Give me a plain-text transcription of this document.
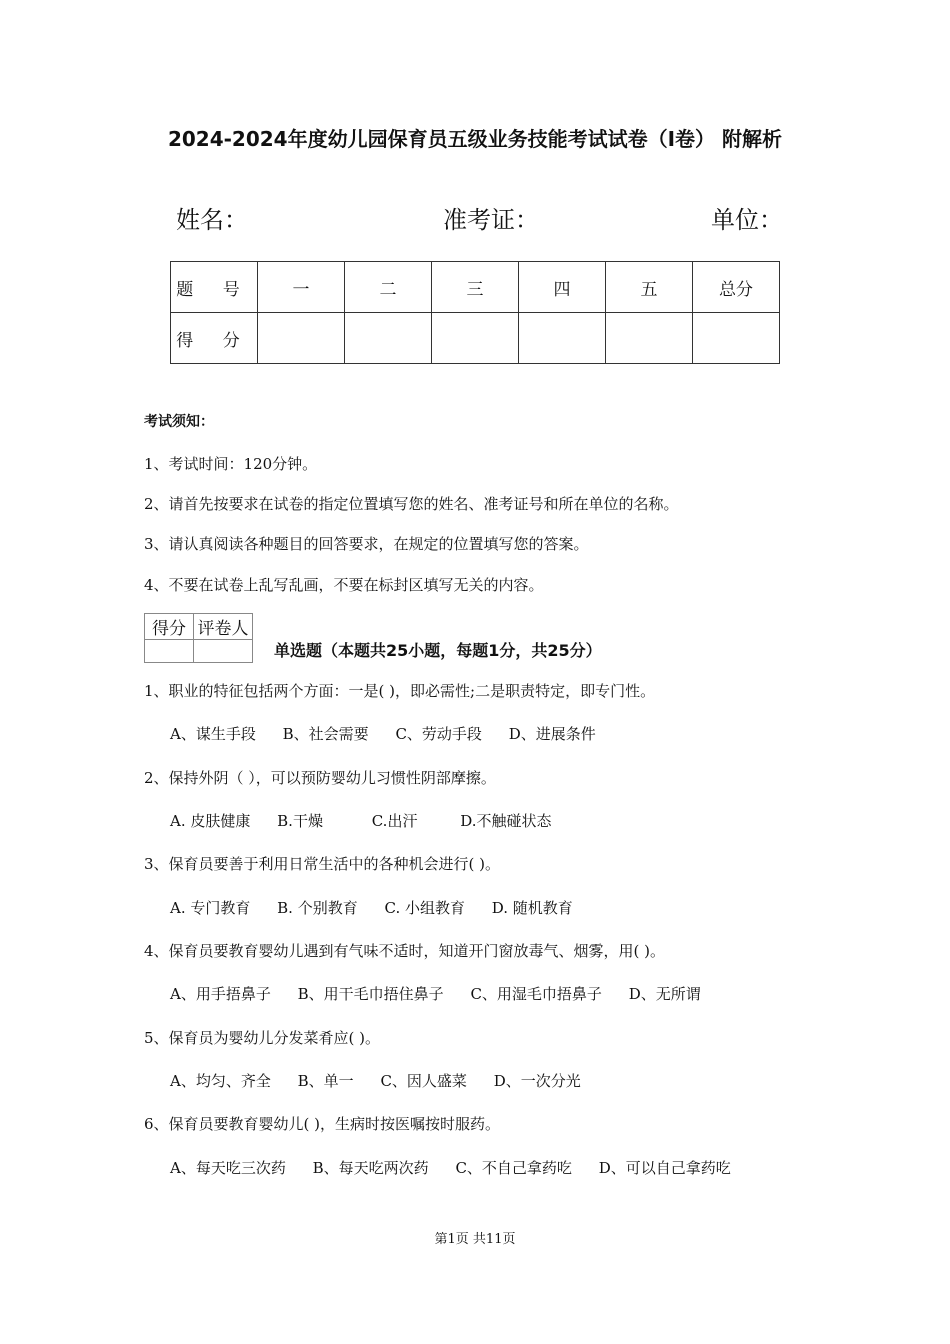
2024-2024年度幼儿园保育员五级业务技能考试试卷（I卷） 附解析
姓名：	准考证：	单位：
题 号	一	二	三	四	五	总分
得 分						
考试须知：
1、考试时间：120分钟。
2、请首先按要求在试卷的指定位置填写您的姓名、准考证号和所在单位的名称。
3、请认真阅读各种题目的回答要求，在规定的位置填写您的答案。
4、不要在试卷上乱写乱画，不要在标封区填写无关的内容。
得分	评卷人

单选题（本题共25小题，每题1分，共25分）
1、职业的特征包括两个方面：一是( )，即必需性;二是职责特定，即专门性。
A、谋生手段 B、社会需要 C、劳动手段 D、进展条件
2、保持外阴（ ），可以预防婴幼儿习惯性阴部摩擦。
A. 皮肤健康 B.干燥	C.出汗	D.不触碰状态
3、保育员要善于利用日常生活中的各种机会进行( )。
A. 专门教育 B. 个别教育 C. 小组教育 D. 随机教育
4、保育员要教育婴幼儿遇到有气味不适时，知道开门窗放毒气、烟雾，用( )。
A、用手捂鼻子 B、用干毛巾捂住鼻子 C、用湿毛巾捂鼻子 D、无所谓
5、保育员为婴幼儿分发菜肴应( )。
A、均匀、齐全 B、单一 C、因人盛菜 D、一次分光
6、保育员要教育婴幼儿( )，生病时按医嘱按时服药。
A、每天吃三次药 B、每天吃两次药 C、不自己拿药吃 D、可以自己拿药吃
第1页 共11页
